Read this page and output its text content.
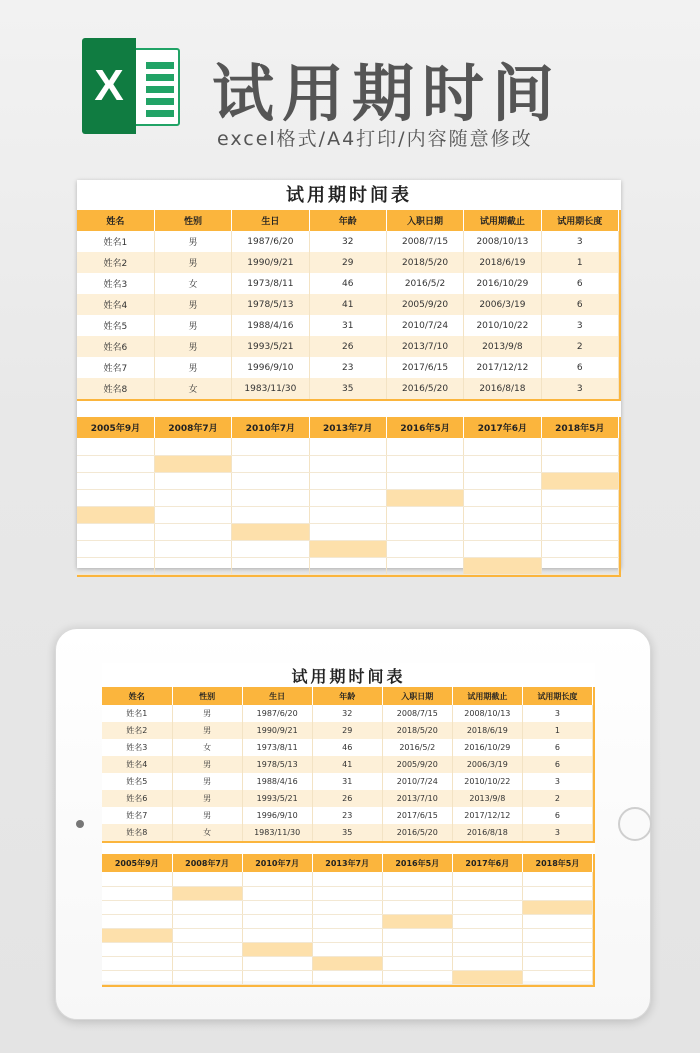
X 试用期时间
excel格式/A4打印/内容随意修改
试用期时间表
姓名	性别	生日	年龄	入职日期	试用期截止	试用期长度
姓名1	男	1987/6/20	32	2008/7/15	2008/10/13	3
姓名2	男	1990/9/21	29	2018/5/20	2018/6/19	1
姓名3	女	1973/8/11	46	2016/5/2	2016/10/29	6
姓名4	男	1978/5/13	41	2005/9/20	2006/3/19	6
姓名5	男	1988/4/16	31	2010/7/24	2010/10/22	3
姓名6	男	1993/5/21	26	2013/7/10	2013/9/8	2
姓名7	男	1996/9/10	23	2017/6/15	2017/12/12	6
姓名8	女	1983/11/30	35	2016/5/20	2016/8/18	3
2005年9月	2008年7月	2010年7月	2013年7月	2016年5月	2017年6月	2018年5月

试用期时间表
姓名	性别	生日	年龄	入职日期	试用期截止	试用期长度
姓名1	男	1987/6/20	32	2008/7/15	2008/10/13	3
姓名2	男	1990/9/21	29	2018/5/20	2018/6/19	1
姓名3	女	1973/8/11	46	2016/5/2	2016/10/29	6
姓名4	男	1978/5/13	41	2005/9/20	2006/3/19	6
姓名5	男	1988/4/16	31	2010/7/24	2010/10/22	3
姓名6	男	1993/5/21	26	2013/7/10	2013/9/8	2
姓名7	男	1996/9/10	23	2017/6/15	2017/12/12	6
姓名8	女	1983/11/30	35	2016/5/20	2016/8/18	3
2005年9月	2008年7月	2010年7月	2013年7月	2016年5月	2017年6月	2018年5月
